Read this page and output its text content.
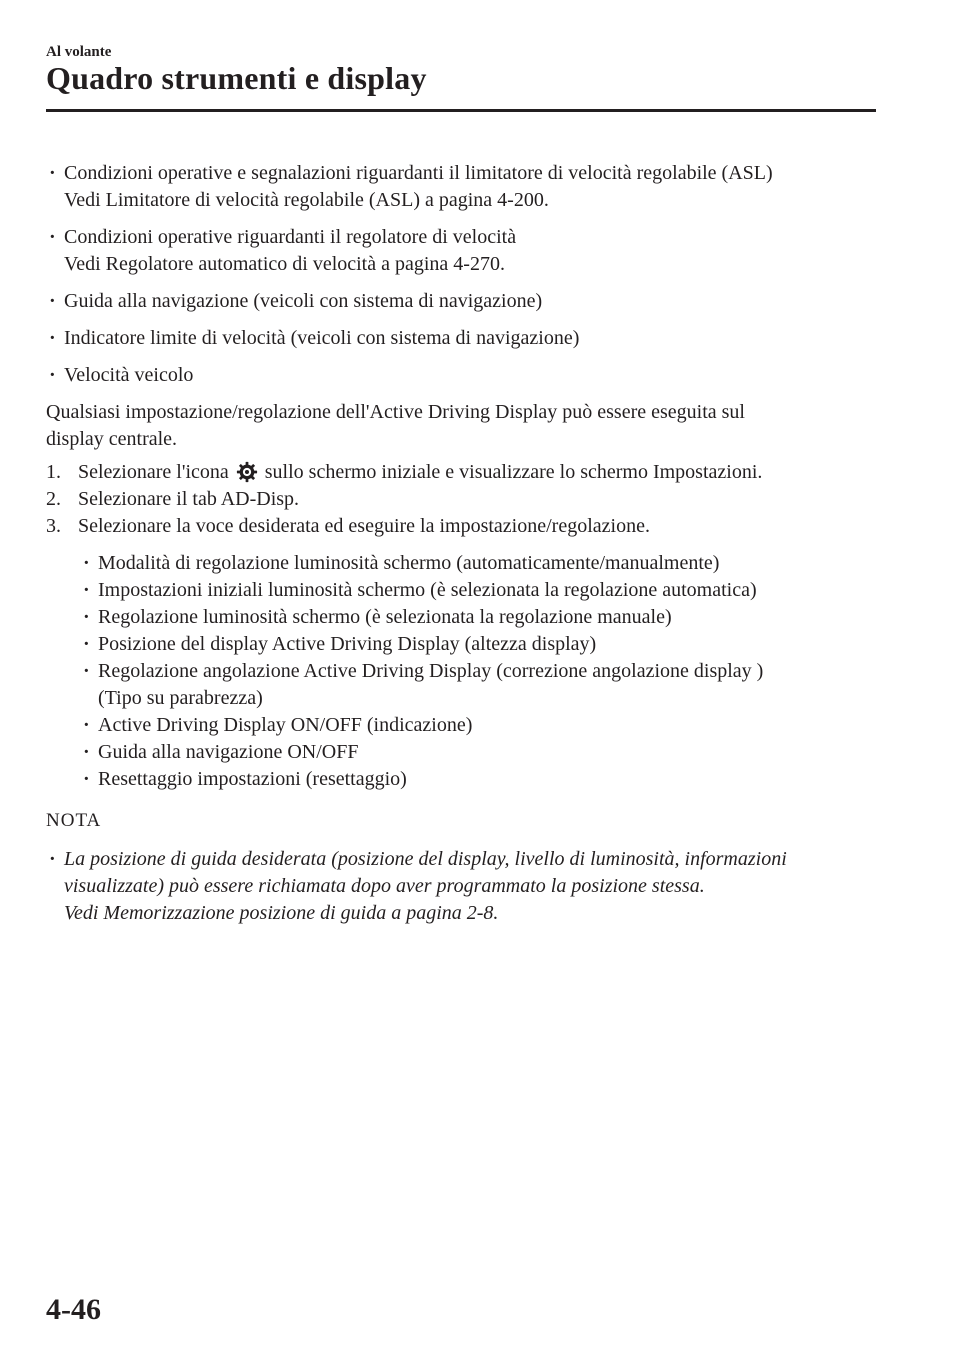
Al volante
Quadro strumenti e display
· Condizioni operative e segnalazioni riguardanti il limitatore di velocità regolabile (ASL)
Vedi Limitatore di velocità regolabile (ASL) a pagina 4-200.
· Condizioni operative riguardanti il regolatore di velocità
Vedi Regolatore automatico di velocità a pagina 4-270.
· Guida alla navigazione (veicoli con sistema di navigazione)
· Indicatore limite di velocità (veicoli con sistema di navigazione)
· Velocità veicolo
Qualsiasi impostazione/regolazione dell'Active Driving Display può essere eseguita sul
display centrale.
1. Selezionare l'icona sullo schermo iniziale e visualizzare lo schermo Impostazioni.
2. Selezionare il tab AD-Disp.
3. Selezionare la voce desiderata ed eseguire la impostazione/regolazione.
· Modalità di regolazione luminosità schermo (automaticamente/manualmente)
· Impostazioni iniziali luminosità schermo (è selezionata la regolazione automatica)
· Regolazione luminosità schermo (è selezionata la regolazione manuale)
· Posizione del display Active Driving Display (altezza display)
· Regolazione angolazione Active Driving Display (correzione angolazione display )
(Tipo su parabrezza)
· Active Driving Display ON/OFF (indicazione)
· Guida alla navigazione ON/OFF
· Resettaggio impostazioni (resettaggio)
NOTA
· La posizione di guida desiderata (posizione del display, livello di luminosità, informazioni
visualizzate) può essere richiamata dopo aver programmato la posizione stessa.
Vedi Memorizzazione posizione di guida a pagina 2-8.
4-46
